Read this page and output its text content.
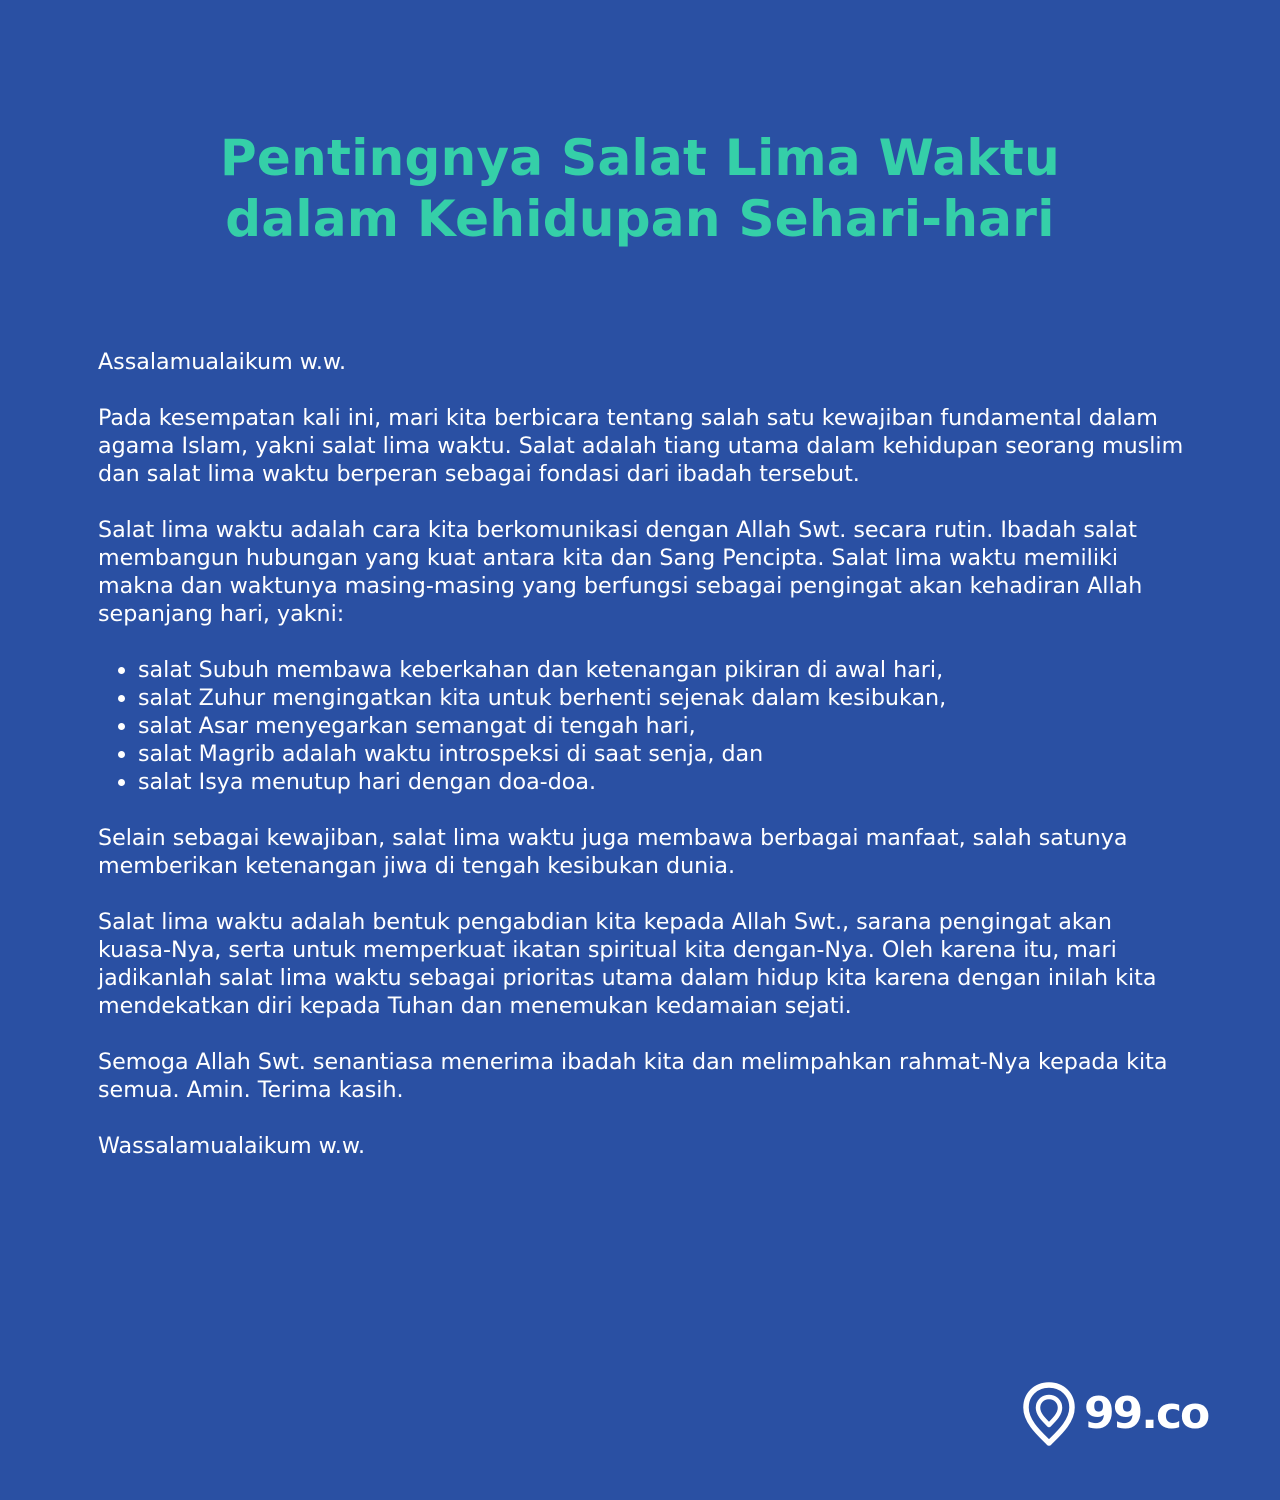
Pentingnya Salat Lima Waktu dalam Kehidupan Sehari-hari

Assalamualaikum w.w.

Pada kesempatan kali ini, mari kita berbicara tentang salah satu kewajiban fundamental dalam agama Islam, yakni salat lima waktu. Salat adalah tiang utama dalam kehidupan seorang muslim dan salat lima waktu berperan sebagai fondasi dari ibadah tersebut.

Salat lima waktu adalah cara kita berkomunikasi dengan Allah Swt. secara rutin. Ibadah salat membangun hubungan yang kuat antara kita dan Sang Pencipta. Salat lima waktu memiliki makna dan waktunya masing-masing yang berfungsi sebagai pengingat akan kehadiran Allah sepanjang hari, yakni:

• salat Subuh membawa keberkahan dan ketenangan pikiran di awal hari,
• salat Zuhur mengingatkan kita untuk berhenti sejenak dalam kesibukan,
• salat Asar menyegarkan semangat di tengah hari,
• salat Magrib adalah waktu introspeksi di saat senja, dan
• salat Isya menutup hari dengan doa-doa.

Selain sebagai kewajiban, salat lima waktu juga membawa berbagai manfaat, salah satunya memberikan ketenangan jiwa di tengah kesibukan dunia.

Salat lima waktu adalah bentuk pengabdian kita kepada Allah Swt., sarana pengingat akan kuasa-Nya, serta untuk memperkuat ikatan spiritual kita dengan-Nya. Oleh karena itu, mari jadikanlah salat lima waktu sebagai prioritas utama dalam hidup kita karena dengan inilah kita mendekatkan diri kepada Tuhan dan menemukan kedamaian sejati.

Semoga Allah Swt. senantiasa menerima ibadah kita dan melimpahkan rahmat-Nya kepada kita semua. Amin. Terima kasih.

Wassalamualaikum w.w.

99.co
